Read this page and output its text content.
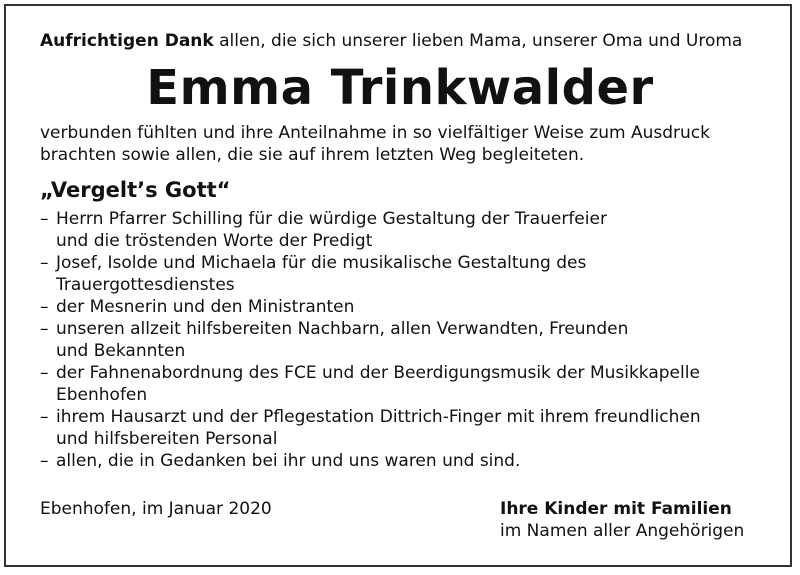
Aufrichtigen Dank allen, die sich unserer lieben Mama, unserer Oma und Uroma

Emma Trinkwalder

verbunden fühlten und ihre Anteilnahme in so vielfältiger Weise zum Ausdruck
brachten sowie allen, die sie auf ihrem letzten Weg begleiteten.

„Vergelt’s Gott“
– Herrn Pfarrer Schilling für die würdige Gestaltung der Trauerfeier
und die tröstenden Worte der Predigt
– Josef, Isolde und Michaela für die musikalische Gestaltung des
Trauergottesdienstes
– der Mesnerin und den Ministranten
– unseren allzeit hilfsbereiten Nachbarn, allen Verwandten, Freunden
und Bekannten
– der Fahnenabordnung des FCE und der Beerdigungsmusik der Musikkapelle
Ebenhofen
– ihrem Hausarzt und der Pflegestation Dittrich-Finger mit ihrem freundlichen
und hilfsbereiten Personal
– allen, die in Gedanken bei ihr und uns waren und sind.
Ebenhofen, im Januar 2020	Ihre Kinder mit Familien
im Namen aller Angehörigen
